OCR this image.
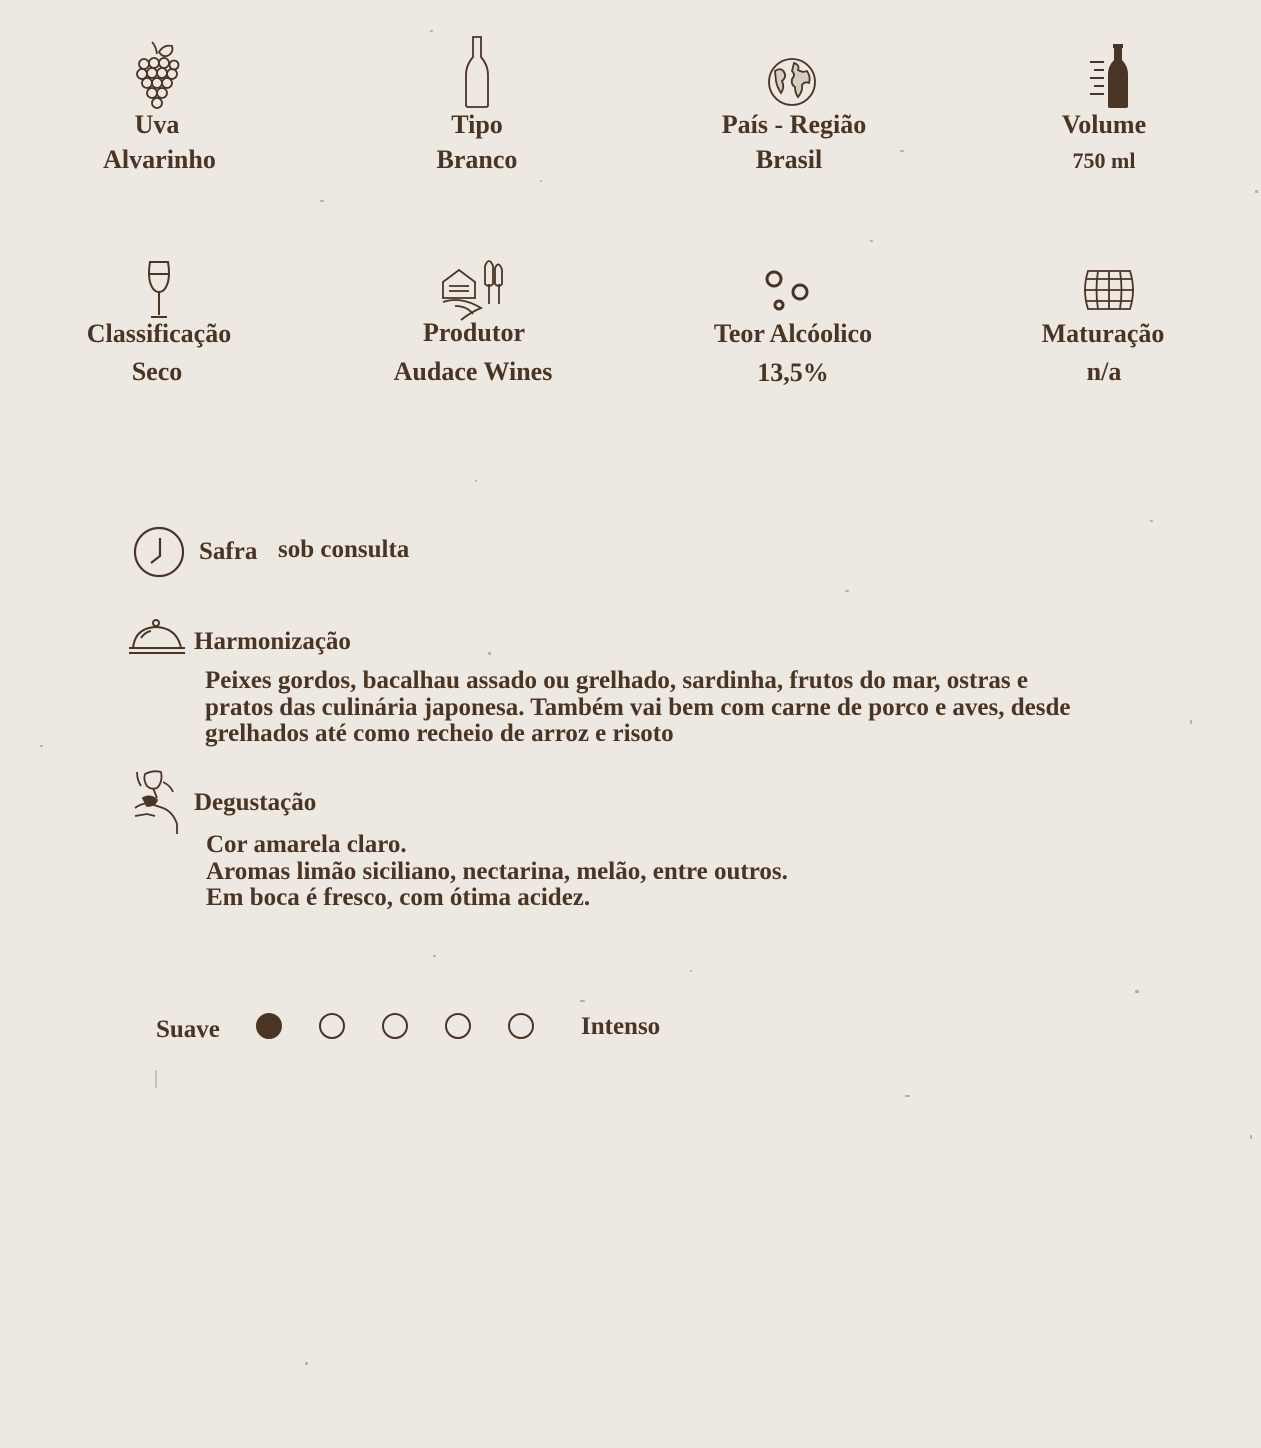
Uva
Alvarinho
Tipo
Branco
País - Região
Brasil
Volume
750 ml
Classificação
Seco
Produtor
Audace Wines
Teor Alcóolico
13,5%
Maturação
n/a
Safra sob consulta
Harmonização
Peixes gordos, bacalhau assado ou grelhado, sardinha, frutos do mar, ostras e
pratos das culinária japonesa. Também vai bem com carne de porco e aves, desde
grelhados até como recheio de arroz e risoto
Degustação
Cor amarela claro.
Aromas limão siciliano, nectarina, melão, entre outros.
Em boca é fresco, com ótima acidez.
Suave	Intenso
